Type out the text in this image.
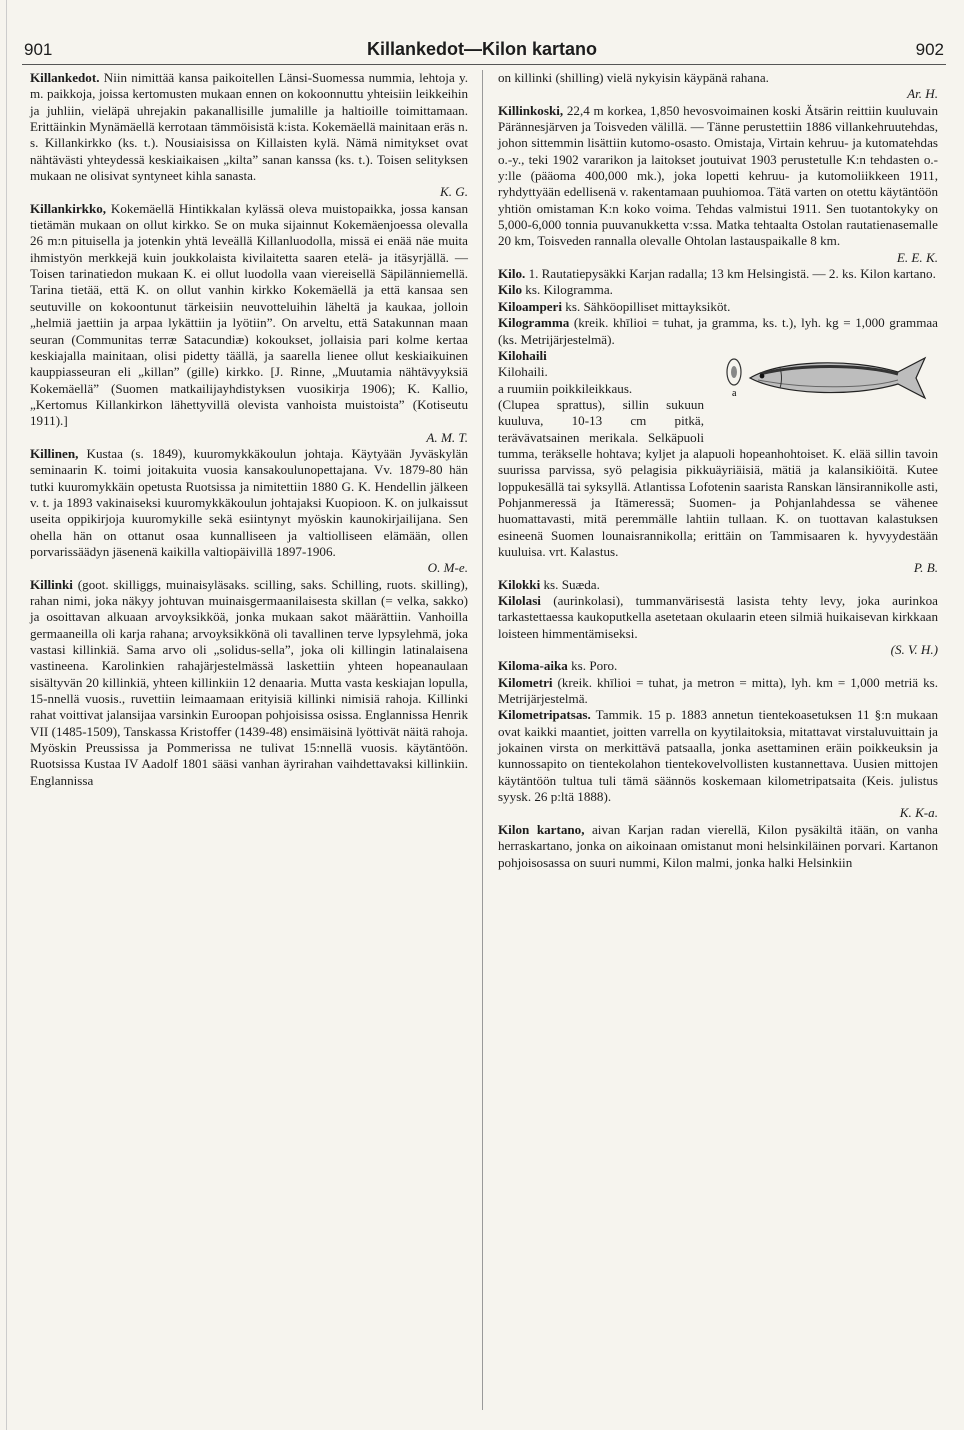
901	Killankedot—Kilon kartano	902

Killankedot. Niin nimittää kansa paikoitellen Länsi-Suomessa nummia, lehtoja y. m. paikkoja, joissa kertomusten mukaan ennen on kokoonnuttu yhteisiin leikkeihin ja juhliin, vieläpä uhrejakin pakanallisille jumalille ja haltioille toimittamaan. Erittäinkin Mynämäellä kerrotaan tämmöisistä k:ista. Kokemäellä mainitaan eräs n. s. Killankirkko (ks. t.). Nousiaisissa on Killaisten kylä. Nämä nimitykset ovat nähtävästi yhteydessä keskiaikaisen „kilta” sanan kanssa (ks. t.). Toisen selityksen mukaan ne olisivat syntyneet kihla sanasta.

K. G.

Killankirkko, Kokemäellä Hintikkalan kylässä oleva muistopaikka, jossa kansan tietämän mukaan on ollut kirkko. Se on muka sijainnut Kokemäenjoessa olevalla 26 m:n pituisella ja jotenkin yhtä leveällä Killanluodolla, missä ei enää näe muita ihmistyön merkkejä kuin joukkolaista kivilaitetta saaren etelä- ja itäsyrjällä. — Toisen tarinatiedon mukaan K. ei ollut luodolla vaan viereisellä Säpilänniemellä. Tarina tietää, että K. on ollut vanhin kirkko Kokemäellä ja että kansaa sen seutuville on kokoontunut tärkeisiin neuvotteluihin läheltä ja kaukaa, jolloin „helmiä jaettiin ja arpaa lykättiin ja lyötiin”. On arveltu, että Satakunnan maan seuran (Communitas terræ Satacundiæ) kokoukset, jollaisia pari kolme kertaa keskiajalla mainitaan, olisi pidetty täällä, ja saarella lienee ollut keskiaikuinen kauppiasseuran eli „killan” (gille) kirkko. [J. Rinne, „Muutamia nähtävyyksiä Kokemäellä” (Suomen matkailijayhdistyksen vuosikirja 1906); K. Kallio, „Kertomus Killankirkon lähettyvillä olevista vanhoista muistoista” (Kotiseutu 1911).]

A. M. T.

Killinen, Kustaa (s. 1849), kuuromykkäkoulun johtaja. Käytyään Jyväskylän seminaarin K. toimi joitakuita vuosia kansakoulunopettajana. Vv. 1879-80 hän tutki kuuromykkäin opetusta Ruotsissa ja nimitettiin 1880 G. K. Hendellin jälkeen v. t. ja 1893 vakinaiseksi kuuromykkäkoulun johtajaksi Kuopioon. K. on julkaissut useita oppikirjoja kuuromykille sekä esiintynyt myöskin kaunokirjailijana. Sen ohella hän on ottanut osaa kunnalliseen ja valtiolliseen elämään, ollen porvarissäädyn jäsenenä kaikilla valtiopäivillä 1897-1906.

O. M-e.

Killinki (goot. skilliggs, muinaisyläsaks. scilling, saks. Schilling, ruots. skilling), rahan nimi, joka näkyy johtuvan muinaisgermaanilaisesta skillan (= velka, sakko) ja osoittavan alkuaan arvoyksikköä, jonka mukaan sakot määrättiin. Vanhoilla germaaneilla oli karja rahana; arvoyksikkönä oli tavallinen terve lypsylehmä, joka vastasi killinkiä. Sama arvo oli „solidus-sella”, joka oli killingin latinalaisena vastineena. Karolinkien rahajärjestelmässä laskettiin yhteen hopeanaulaan sisältyvän 20 killinkiä, yhteen killinkiin 12 denaaria. Mutta vasta keskiajan lopulla, 15-nnellä vuosis., ruvettiin leimaamaan erityisiä killinki nimisiä rahoja. Killinki rahat voittivat jalansijaa varsinkin Euroopan pohjoisissa osissa. Englannissa Henrik VII (1485-1509), Tanskassa Kristoffer (1439-48) ensimäisinä lyöttivät näitä rahoja. Myöskin Preussissa ja Pommerissa ne tulivat 15:nnellä vuosis. käytäntöön. Ruotsissa Kustaa IV Aadolf 1801 sääsi vanhan äyrirahan vaihdettavaksi killinkiin. Englannissa

on killinki (shilling) vielä nykyisin käypänä rahana.

Ar. H.

Killinkoski, 22,4 m korkea, 1,850 hevosvoimainen koski Ätsärin reittiin kuuluvain Pärännesjärven ja Toisveden välillä. — Tänne perustettiin 1886 villankehruutehdas, johon sittemmin lisättiin kutomo-osasto. Omistaja, Virtain kehruu- ja kutomatehdas o.-y., teki 1902 vararikon ja laitokset joutuivat 1903 perustetulle K:n tehdasten o.-y:lle (pääoma 400,000 mk.), joka lopetti kehruu- ja kutomoliikkeen 1911, ryhdyttyään edellisenä v. rakentamaan puuhiomoa. Tätä varten on otettu käytäntöön yhtiön omistaman K:n koko voima. Tehdas valmistui 1911. Sen tuotantokyky on 5,000-6,000 tonnia puuvanukketta v:ssa. Matka tehtaalta Ostolan rautatienasemalle 20 km, Toisveden rannalla olevalle Ohtolan lastauspaikalle 8 km.

E. E. K.

Kilo. 1. Rautatiepysäkki Karjan radalla; 13 km Helsingistä. — 2. ks. Kilon kartano.

Kilo ks. Kilogramma.

Kiloamperi ks. Sähköopilliset mittayksiköt.

Kilogramma (kreik. khīlioi = tuhat, ja gramma, ks. t.), lyh. kg = 1,000 grammaa (ks. Metrijärjestelmä).

Kilohaili
a

Kilohaili.

a ruumiin poikkileikkaus.

(Clupea sprattus), sillin sukuun kuuluva, 10-13 cm pitkä, terävävatsainen merikala. Selkäpuoli tumma, teräkselle hohtava; kyljet ja alapuoli hopeanhohtoiset. K. elää sillin tavoin suurissa parvissa, syö pelagisia pikkuäyriäisiä, mätiä ja kalansikiöitä. Kutee loppukesällä tai syksyllä. Atlantissa Lofotenin saaristа Ranskan länsirannikolle asti, Pohjanmeressä ja Itämeressä; Suomen- ja Pohjanlahdessa se vähenee huomattavasti, mitä peremmälle lahtiin tullaan. K. on tuottavan kalastuksen esineenä Suomen lounaisrannikolla; erittäin on Tammisaaren k. hyvyydestään kuuluisa. vrt. Kalastus.

P. B.

Kilokki ks. Suæda.

Kilolasi (aurinkolasi), tummanvärisestä lasista tehty levy, joka aurinkoa tarkastettaessa kaukoputkella asetetaan okulaarin eteen silmiä huikaisevan kirkkaan loisteen himmentämiseksi.

(S. V. H.)

Kiloma-aika ks. Poro.

Kilometri (kreik. khīlioi = tuhat, ja metron = mitta), lyh. km = 1,000 metriä ks. Metrijärjestelmä.

Kilometripatsas. Tammik. 15 p. 1883 annetun tientekoasetuksen 11 §:n mukaan ovat kaikki maantiet, joitten varrella on kyytilaitoksia, mitattavat virstaluvuittain ja jokainen virsta on merkittävä patsaalla, jonka asettaminen eräin poikkeuksin ja kunnossapito on tientekolahon tientekovelvollisten kustannettava. Uusien mittojen käytäntöön tultua tuli tämä säännös koskemaan kilometripatsaita (Keis. julistus syysk. 26 p:ltä 1888).

K. K-a.

Kilon kartano, aivan Karjan radan vierellä, Kilon pysäkiltä itään, on vanha herraskartano, jonka on aikoinaan omistanut moni helsinkiläinen porvari. Kartanon pohjoisosassa on suuri nummi, Kilon malmi, jonka halki Helsinkiin
